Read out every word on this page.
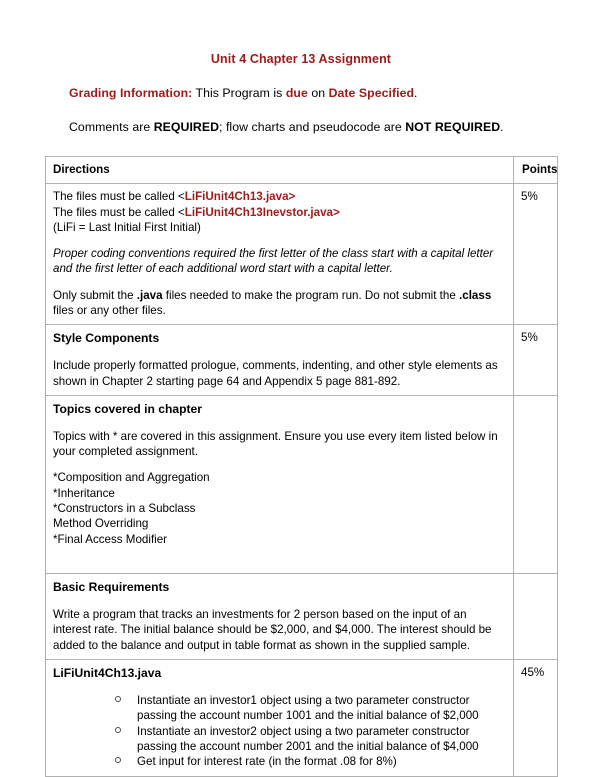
Unit 4 Chapter 13 Assignment
Grading Information: This Program is due on Date Specified.
Comments are REQUIRED; flow charts and pseudocode are NOT REQUIRED.
Directions	Points

The files must be called <LiFiUnit4Ch13.java>
The files must be called <LiFiUnit4Ch13Inevstor.java>
(LiFi = Last Initial First Initial)
Proper coding conventions required the first letter of the class start with a capital letter and the first letter of each additional word start with a capital letter.
Only submit the .java files needed to make the program run. Do not submit the .class files or any other files.	5%

Style Components
Include properly formatted prologue, comments, indenting, and other style elements as shown in Chapter 2 starting page 64 and Appendix 5 page 881-892.	5%

Topics covered in chapter
Topics with * are covered in this assignment. Ensure you use every item listed below in your completed assignment.
*Composition and Aggregation
*Inheritance
*Constructors in a Subclass
Method Overriding
*Final Access Modifier

Basic Requirements
Write a program that tracks an investments for 2 person based on the input of an interest rate. The initial balance should be $2,000, and $4,000. The interest should be added to the balance and output in table format as shown in the supplied sample.	

LiFiUnit4Ch13.java
Instantiate an investor1 object using a two parameter constructor passing the account number 1001 and the initial balance of $2,000
Instantiate an investor2 object using a two parameter constructor passing the account number 2001 and the initial balance of $4,000
Get input for interest rate (in the format .08 for 8%)
	45%
